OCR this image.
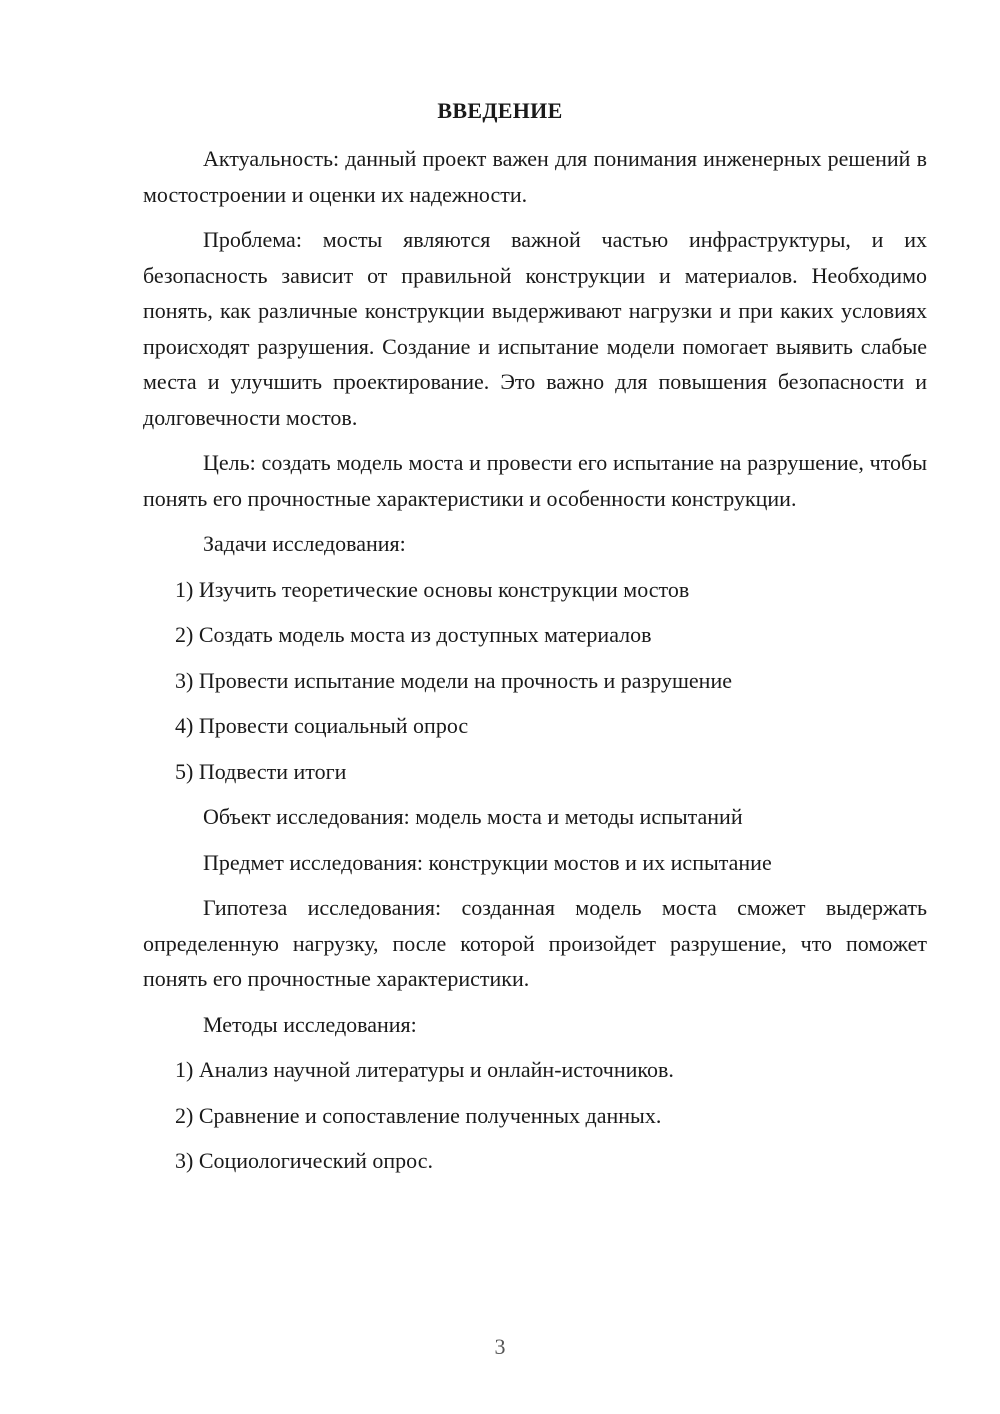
ВВЕДЕНИЕ

Актуальность: данный проект важен для понимания инженерных решений в мостостроении и оценки их надежности.

Проблема: мосты являются важной частью инфраструктуры, и их безопасность зависит от правильной конструкции и материалов. Необходимо понять, как различные конструкции выдерживают нагрузки и при каких условиях происходят разрушения. Создание и испытание модели помогает выявить слабые места и улучшить проектирование. Это важно для повышения безопасности и долговечности мостов.

Цель: создать модель моста и провести его испытание на разрушение, чтобы понять его прочностные характеристики и особенности конструкции.

Задачи исследования:
1) Изучить теоретические основы конструкции мостов
2) Создать модель моста из доступных материалов
3) Провести испытание модели на прочность и разрушение
4) Провести социальный опрос
5) Подвести итоги
Объект исследования: модель моста и методы испытаний
Предмет исследования: конструкции мостов и их испытание

Гипотеза исследования: созданная модель моста сможет выдержать определенную нагрузку, после которой произойдет разрушение, что поможет понять его прочностные характеристики.

Методы исследования:
1) Анализ научной литературы и онлайн-источников.
2) Сравнение и сопоставление полученных данных.
3) Социологический опрос.
3
